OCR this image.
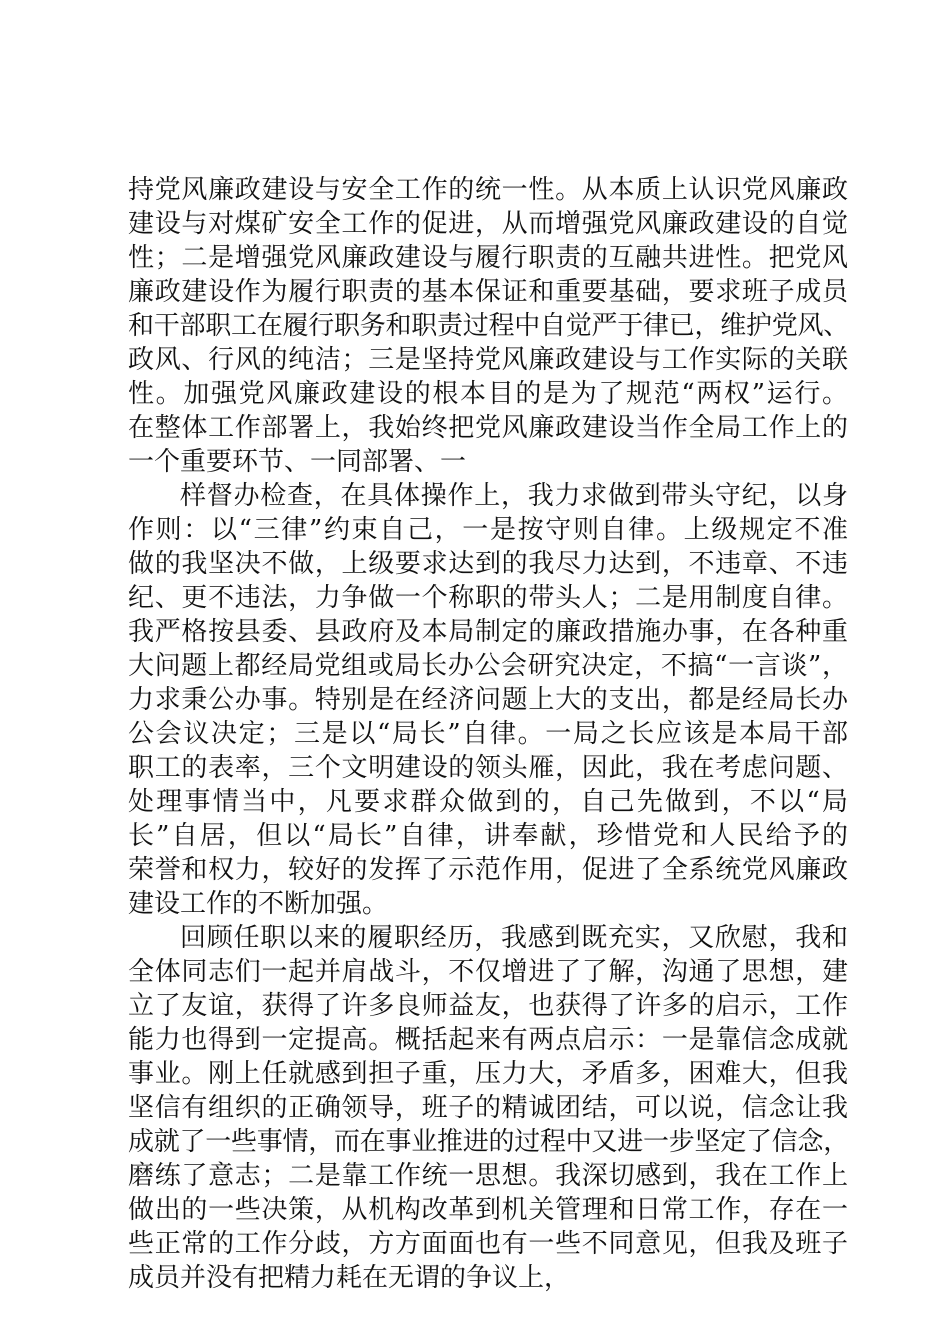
持党风廉政建设与安全工作的统一性。从本质上认识党风廉政
建设与对煤矿安全工作的促进，从而增强党风廉政建设的自觉
性；二是增强党风廉政建设与履行职责的互融共进性。把党风
廉政建设作为履行职责的基本保证和重要基础，要求班子成员
和干部职工在履行职务和职责过程中自觉严于律已，维护党风、
政风、行风的纯洁；三是坚持党风廉政建设与工作实际的关联
性。加强党风廉政建设的根本目的是为了规范“两权”运行。
在整体工作部署上，我始终把党风廉政建设当作全局工作上的
一个重要环节、一同部署、一
样督办检查，在具体操作上，我力求做到带头守纪，以身
作则：以“三律”约束自己，一是按守则自律。上级规定不准
做的我坚决不做，上级要求达到的我尽力达到，不违章、不违
纪、更不违法，力争做一个称职的带头人；二是用制度自律。
我严格按县委、县政府及本局制定的廉政措施办事，在各种重
大问题上都经局党组或局长办公会研究决定，不搞“一言谈”，
力求秉公办事。特别是在经济问题上大的支出，都是经局长办
公会议决定；三是以“局长”自律。一局之长应该是本局干部
职工的表率，三个文明建设的领头雁，因此，我在考虑问题、
处理事情当中，凡要求群众做到的，自己先做到，不以“局
长”自居，但以“局长”自律，讲奉献，珍惜党和人民给予的
荣誉和权力，较好的发挥了示范作用，促进了全系统党风廉政
建设工作的不断加强。
回顾任职以来的履职经历，我感到既充实，又欣慰，我和
全体同志们一起并肩战斗，不仅增进了了解，沟通了思想，建
立了友谊，获得了许多良师益友，也获得了许多的启示，工作
能力也得到一定提高。概括起来有两点启示：一是靠信念成就
事业。刚上任就感到担子重，压力大，矛盾多，困难大，但我
坚信有组织的正确领导，班子的精诚团结，可以说，信念让我
成就了一些事情，而在事业推进的过程中又进一步坚定了信念，
磨练了意志；二是靠工作统一思想。我深切感到，我在工作上
做出的一些决策，从机构改革到机关管理和日常工作，存在一
些正常的工作分歧，方方面面也有一些不同意见，但我及班子
成员并没有把精力耗在无谓的争议上，
